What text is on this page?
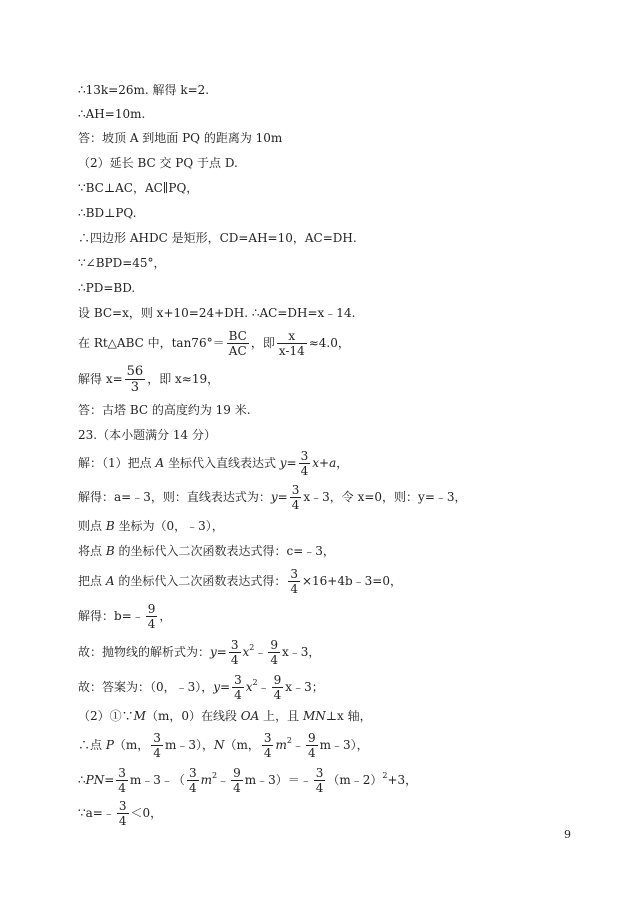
∴13k=26m. 解得 k=2.
∴AH=10m.
答：坡顶 A 到地面 PQ 的距离为 10m
（2）延长 BC 交 PQ 于点 D.
∵BC⊥AC，AC∥PQ，
∴BD⊥PQ.
∴四边形 AHDC 是矩形，CD=AH=10，AC=DH.
∵∠BPD=45°，
∴PD=BD.
设 BC=x，则 x+10=24+DH. ∴AC=DH=x﹣14.
在 Rt△ABC 中，$\tan 76^\circ= \frac{BC}{AC}$ ，即 $\frac{x}{x-14} \approx 4.0$，
解得 $x= \frac{56}{3}$ ，即 x≈19，
答：古塔 BC 的高度约为 19 米.
23.（本小题满分 14 分）
解：（1）把点 A 坐标代入直线表达式 $y= \frac{3}{4} x+a$，
解得：a=﹣3，则：直线表达式为：$y= \frac{3}{4}$ x﹣3，令 x=0，则：y=﹣3，
则点 B 坐标为（0，﹣3），
将点 B 的坐标代入二次函数表达式得：c=﹣3，
把点 A 的坐标代入二次函数表达式得： $\frac{3}{4}$ ×16+4b﹣3=0，
解得：b=﹣ $\frac{9}{4}$ ，
故：抛物线的解析式为：$y= \frac{3}{4}$ $x^2﹣ \frac{9}{4}$ x﹣3，
故：答案为：（0，﹣3），$y= \frac{3}{4}$ $x^2﹣ \frac{9}{4}$ x﹣3；
（2）①∵M（m，0）在线段 OA 上，且 MN⊥x 轴，
∴点 P（m， $\frac{3}{4}$ m﹣3），N（m， $\frac{3}{4}$ $m^2﹣ \frac{9}{4}$ m﹣3），
∴PN= $\frac{3}{4}$ m﹣3﹣（ $\frac{3}{4}$ $m^2﹣ \frac{9}{4}$ m﹣3）＝﹣ $\frac{3}{4}$ （m﹣2）$^2$+3，
∵a=﹣ $\frac{3}{4} <0$，
9
